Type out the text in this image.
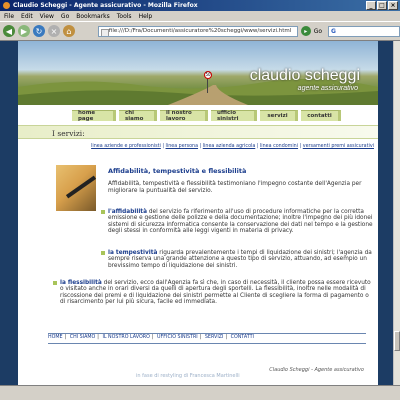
Claudio Scheggi - Agente assicurativo - Mozilla Firefox	_	□ ×
File Edit View Go Bookmarks Tools Help
◀	▶	↻	×	⌂	file:///D:/Fra/Documenti/assicuratore%20scheggi/www/servizi.html	▸	Go G
50 claudio scheggi
agente assicurativo
home page
chi siamo
il nostro lavoro
ufficio sinistri	servizi	contatti
I servizi:
linea aziende e professionisti | linea persona | linea azienda agricola | linea condomini | versamenti premi assicurativi
Affidabilità, tempestività e flessibilità
Affidabilità, tempestività e flessibilità testimoniano l'impegno costante dell'Agenzia per migliorare la puntualità del servizio.
l'affidabilità del servizio fa riferimento all'uso di procedure informatiche per la corretta emissione e gestione delle polizze e della documentazione; inoltre l'impegno dei più idonei sistemi di sicurezza informatica consente la conservazione dei dati nel tempo e la gestione degli stessi in conformità alle leggi vigenti in materia di privacy.
la tempestività riguarda prevalentemente i tempi di liquidazione dei sinistri; l'agenzia da sempre riserva una grande attenzione a questo tipo di servizio, attuando, ad esempio un brevissimo tempo di liquidazione dei sinistri.
la flessibilità del servizio, ecco dall'Agenzia fa sì che, in caso di necessità, il cliente possa essere ricevuto o visitato anche in orari diversi da quelli di apertura degli sportelli. La flessibilità, inoltre nelle modalità di riscossione dei premi e di liquidazione dei sinistri permette al Cliente di scegliere la forma di pagamento o di risarcimento per lui più sicura, facile ed immediata.
HOME | CHI SIAMO | IL NOSTRO LAVORO | UFFICIO SINISTRI | SERVIZI | CONTATTI
Claudio Scheggi - Agente assicurativo
in fase di restyling di Francesca Martinelli
